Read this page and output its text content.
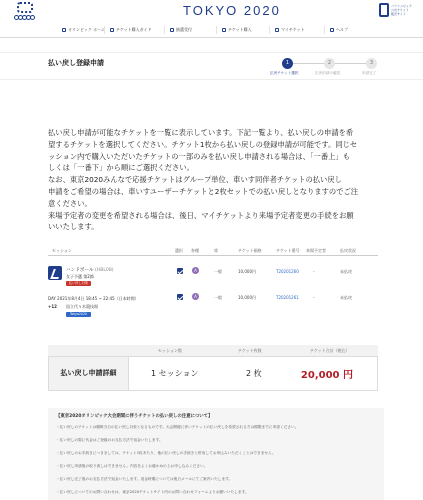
TOKYO 2020	パラリンピック
公式チケット
販売サイト
オリンピック ホーム	チケット購入ガイド	抽選受付	チケット購入	マイチケット	ヘルプ
払い戻し登録申請	1	2	3
払戻チケット選択	払戻申請の確認	申請完了
払い戻し申請が可能なチケットを一覧に表示しています。下記一覧より、払い戻しの申請を希
望するチケットを選択してください。チケット1枚から払い戻しの登録申請が可能です。同じセ
ッション内で購入いただいたチケットの一部のみを払い戻し申請される場合は、「一番上」も
しくは「一番下」から順にご選択ください。
なお、東京2020みんなで応援チケットはグループ単位、車いす同伴者チケットの払い戻し
申請をご希望の場合は、車いすユーザーチケットと2枚セットでの払い戻しとなりますのでご注
意ください。
来場予定者の変更を希望される場合は、後日、マイチケットより来場予定者変更の手続をお願
いいたします。
セッション	選択 券種	席	チケット価格	チケット番号 来場予定者	払戻状況
ハンドボール (HBL08)
女子予選 第2節
払い戻し対象
DAY 2021年8月4日 18:45 ~ 22:45（日本時間）
+12 国立代々木競技場
Tokyo2020
A	一般	10,000円	T20201260	-	未払戻
A	一般	10,000円	T20201261	-	未払戻
セッション数	チケット枚数	チケット合計（税込）
払い戻し申請詳細	1 セッション	2 枚	20,000 円
【東京2020オリンピック大会期間に伴うチケットの払い戻しの注意について】
・払い戻しのチケットは観戦当日の払い戻し対象となるものです。大会開催に伴いチケットの払い戻しを希望される方は期限までに申請ください。
・払い戻しの際に代金はご登録のお支払方法で返金いたします。
・払い戻しのお手続きにつきましては、チケット1枚あたり、他の払い戻しの手続きと併用してお申込みいただくことはできません。
・払い戻し申請後の取り消しはできません。内容をよくお確かめの上お申し込みください。
・払い戻し完了後のお支払方法で返金いたします。返金時期については後日メールにてご案内いたします。
・払い戻しについてのお問い合わせは、東京2020チケットサイト内のお問い合わせフォームよりお願いいたします。
